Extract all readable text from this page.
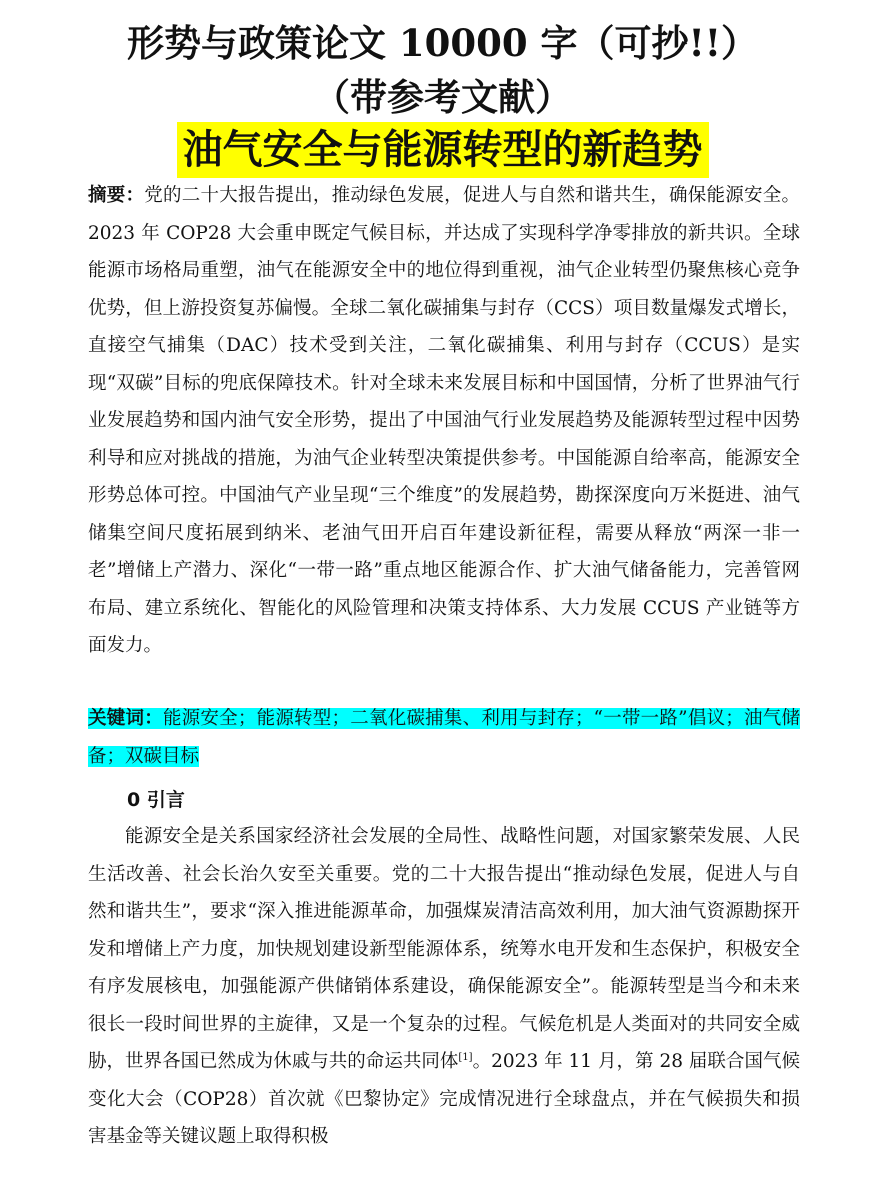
形势与政策论文 10000 字（可抄!!）
（带参考文献）
油气安全与能源转型的新趋势
摘要：党的二十大报告提出，推动绿色发展，促进人与自然和谐共生，确保能源安全。2023 年 COP28 大会重申既定气候目标，并达成了实现科学净零排放的新共识。全球能源市场格局重塑，油气在能源安全中的地位得到重视，油气企业转型仍聚焦核心竞争优势，但上游投资复苏偏慢。全球二氧化碳捕集与封存（CCS）项目数量爆发式增长，直接空气捕集（DAC）技术受到关注，二氧化碳捕集、利用与封存（CCUS）是实现“双碳”目标的兜底保障技术。针对全球未来发展目标和中国国情，分析了世界油气行业发展趋势和国内油气安全形势，提出了中国油气行业发展趋势及能源转型过程中因势利导和应对挑战的措施，为油气企业转型决策提供参考。中国能源自给率高，能源安全形势总体可控。中国油气产业呈现“三个维度”的发展趋势，勘探深度向万米挺进、油气储集空间尺度拓展到纳米、老油气田开启百年建设新征程，需要从释放“两深一非一老”增储上产潜力、深化“一带一路”重点地区能源合作、扩大油气储备能力，完善管网布局、建立系统化、智能化的风险管理和决策支持体系、大力发展 CCUS 产业链等方面发力。
关键词：能源安全；能源转型；二氧化碳捕集、利用与封存；“一带一路”倡议；油气储备；双碳目标
0 引言
能源安全是关系国家经济社会发展的全局性、战略性问题，对国家繁荣发展、人民生活改善、社会长治久安至关重要。党的二十大报告提出“推动绿色发展，促进人与自然和谐共生”，要求“深入推进能源革命，加强煤炭清洁高效利用，加大油气资源勘探开发和增储上产力度，加快规划建设新型能源体系，统筹水电开发和生态保护，积极安全有序发展核电，加强能源产供储销体系建设，确保能源安全”。能源转型是当今和未来很长一段时间世界的主旋律，又是一个复杂的过程。气候危机是人类面对的共同安全威胁，世界各国已然成为休戚与共的命运共同体[1]。2023 年 11 月，第 28 届联合国气候变化大会（COP28）首次就《巴黎协定》完成情况进行全球盘点，并在气候损失和损害基金等关键议题上取得积极
